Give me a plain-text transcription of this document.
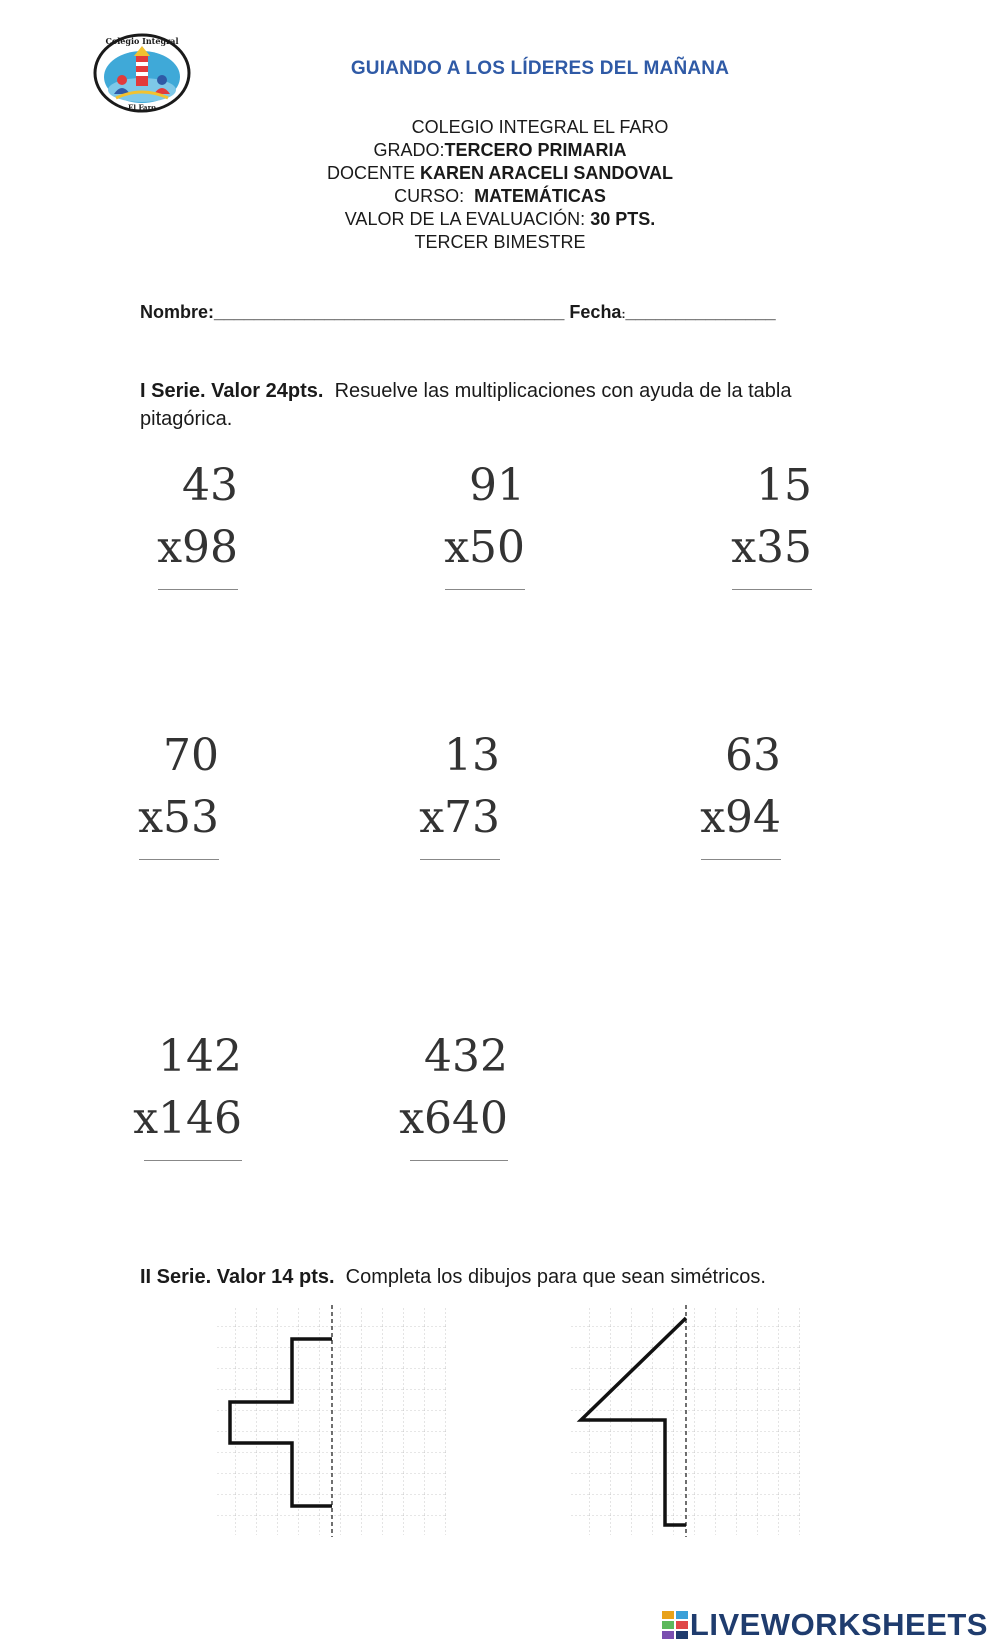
Colegio Integral
El Faro
GUIANDO A LOS LÍDERES DEL MAÑANA
COLEGIO INTEGRAL EL FARO
GRADO:TERCERO PRIMARIA
DOCENTE KAREN ARACELI SANDOVAL
CURSO:  MATEMÁTICAS
VALOR DE LA EVALUACIÓN: 30 PTS.
TERCER BIMESTRE
Nombre:___________________________________ Fecha:_______________
I Serie. Valor 24pts. Resuelve las multiplicaciones con ayuda de la tabla pitagórica.
43
x98
91
x50
15
x35
70
x53
13
x73
63
x94
142
x146
432
x640
II Serie. Valor 14 pts. Completa los dibujos para que sean simétricos.
LIVEWORKSHEETS
